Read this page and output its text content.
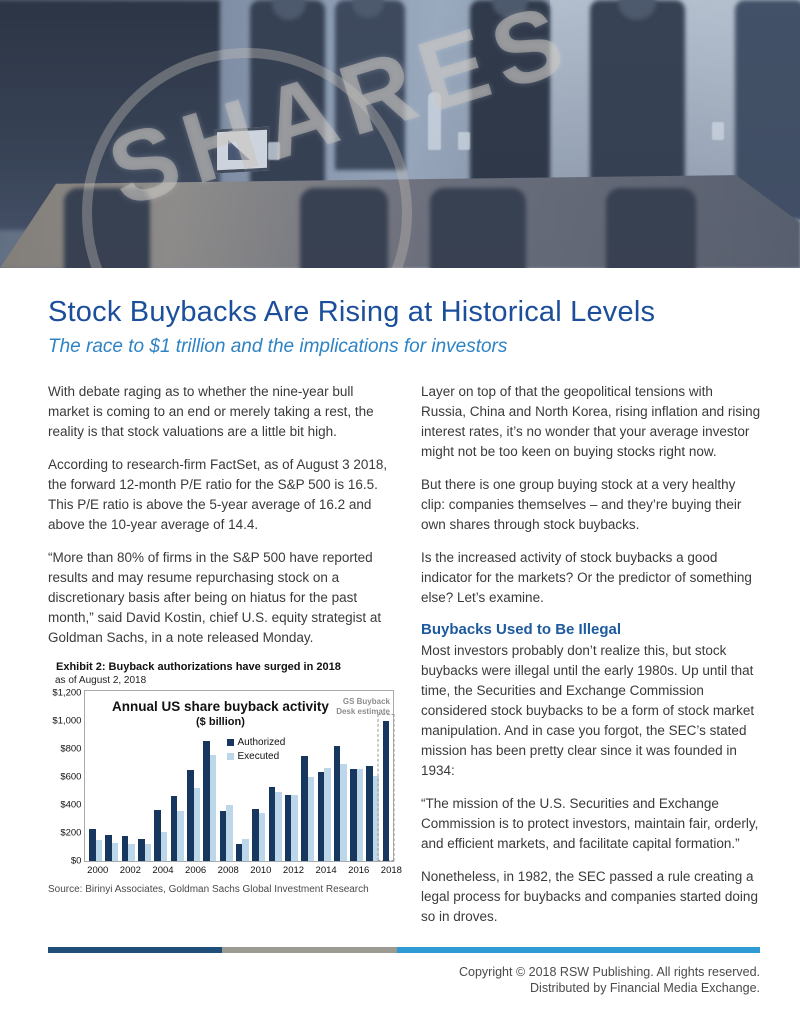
Stock Buybacks Are Rising at Historical Levels
The race to $1 trillion and the implications for investors

With debate raging as to whether the nine-year bull market is coming to an end or merely taking a rest, the reality is that stock valuations are a little bit high.

According to research-firm FactSet, as of August 3 2018, the forward 12-month P/E ratio for the S&P 500 is 16.5. This P/E ratio is above the 5-year average of 16.2 and above the 10-year average of 14.4.

“More than 80% of firms in the S&P 500 have reported results and may resume repurchasing stock on a discretionary basis after being on hiatus for the past month,” said David Kostin, chief U.S. equity strategist at Goldman Sachs, in a note released Monday.

Exhibit 2: Buyback authorizations have surged in 2018
as of August 2, 2018
$1,200
$1,000
$800
$600
$400
$200
$0
Annual US share buyback activity
($ billion)
Authorized
Executed
GS Buyback
Desk estimate
2000 2002 2004 2006 2008 2010 2012 2014 2016 2018
Source: Birinyi Associates, Goldman Sachs Global Investment Research

Layer on top of that the geopolitical tensions with Russia, China and North Korea, rising inflation and rising interest rates, it’s no wonder that your average investor might not be too keen on buying stocks right now.

But there is one group buying stock at a very healthy clip: companies themselves – and they’re buying their own shares through stock buybacks.

Is the increased activity of stock buybacks a good indicator for the markets? Or the predictor of something else? Let’s examine.

Buybacks Used to Be Illegal

Most investors probably don’t realize this, but stock buybacks were illegal until the early 1980s. Up until that time, the Securities and Exchange Commission considered stock buybacks to be a form of stock market manipulation. And in case you forgot, the SEC’s stated mission has been pretty clear since it was founded in 1934:

“The mission of the U.S. Securities and Exchange Commission is to protect investors, maintain fair, orderly, and efficient markets, and facilitate capital formation.”

Nonetheless, in 1982, the SEC passed a rule creating a legal process for buybacks and companies started doing so in droves.

Copyright © 2018 RSW Publishing. All rights reserved.
Distributed by Financial Media Exchange.
